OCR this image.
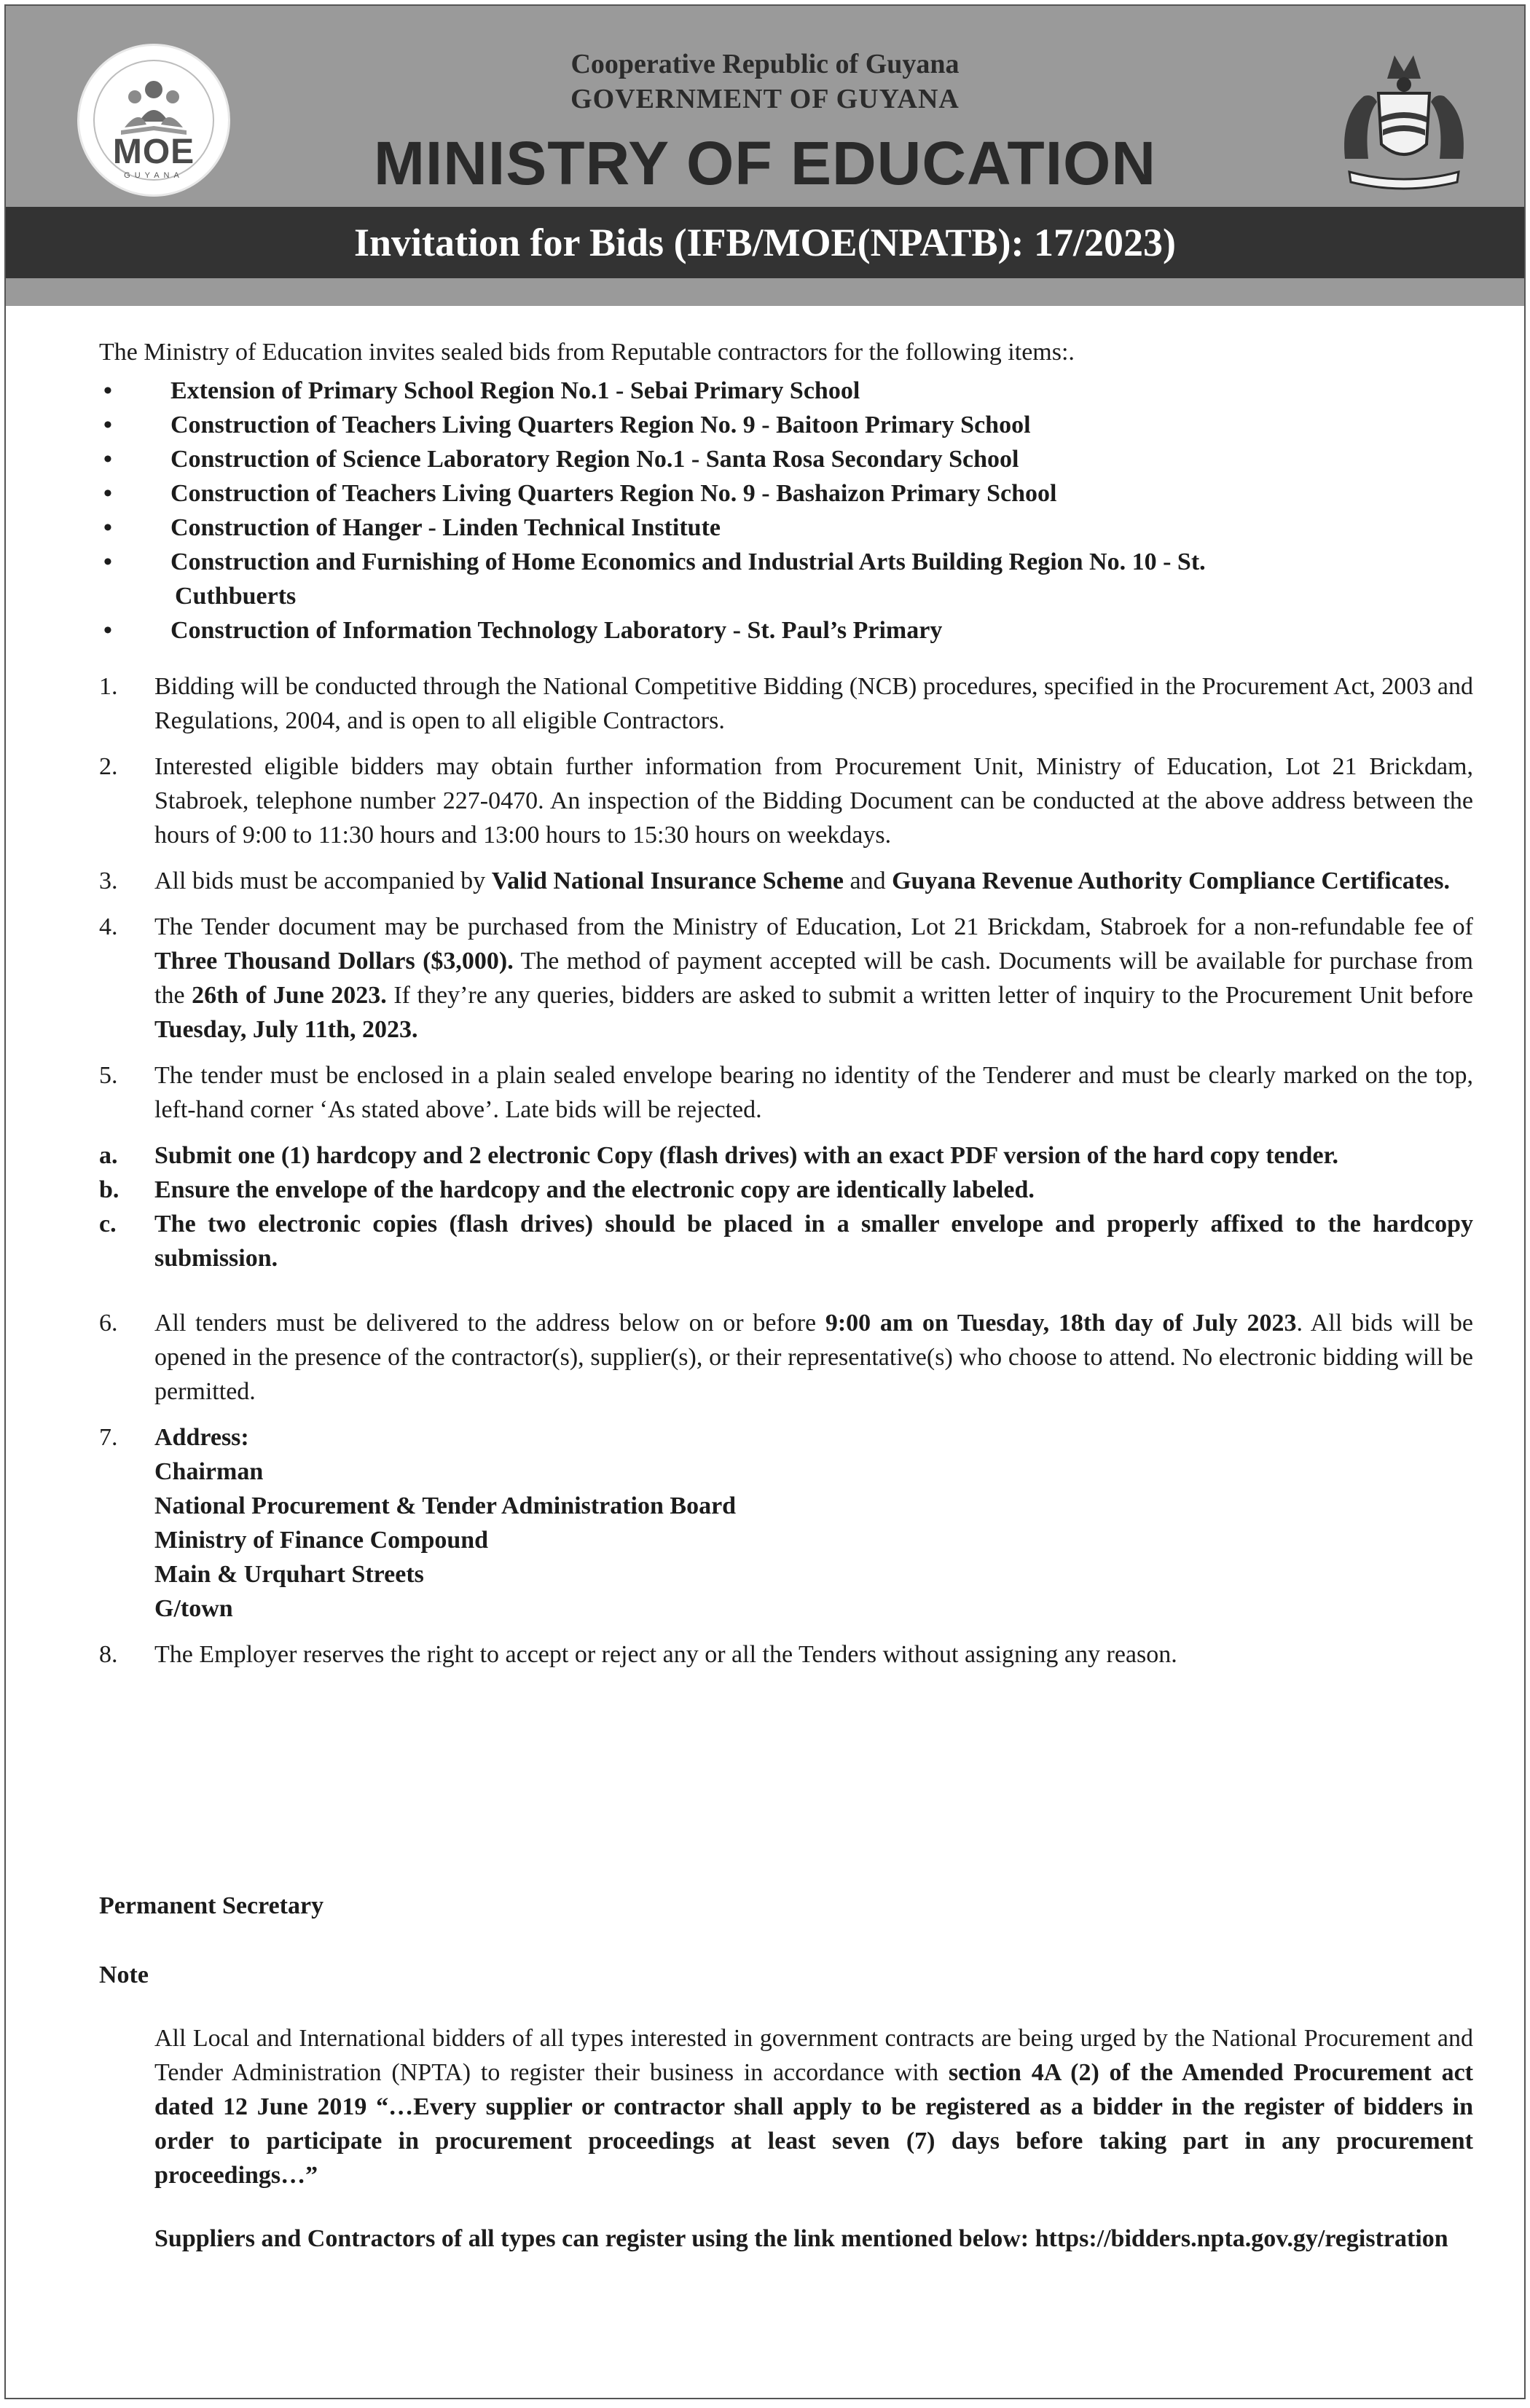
MOE
GUYANA
Cooperative Republic of Guyana
GOVERNMENT OF GUYANA
MINISTRY OF EDUCATION
Invitation for Bids (IFB/MOE(NPATB): 17/2023)

The Ministry of Education invites sealed bids from Reputable contractors for the following items:.

• Extension of Primary School Region No.1 - Sebai Primary School
• Construction of Teachers Living Quarters Region No. 9 - Baitoon Primary School
• Construction of Science Laboratory Region No.1 - Santa Rosa Secondary School
• Construction of Teachers Living Quarters Region No. 9 - Bashaizon Primary School
• Construction of Hanger - Linden Technical Institute
• Construction and Furnishing of Home Economics and Industrial Arts Building Region No. 10 - St.
Cuthbuerts
• Construction of Information Technology Laboratory - St. Paul’s Primary

1. Bidding will be conducted through the National Competitive Bidding (NCB) procedures, specified in the Procurement Act, 2003 and Regulations, 2004, and is open to all eligible Contractors.

2. Interested eligible bidders may obtain further information from Procurement Unit, Ministry of Education, Lot 21 Brickdam, Stabroek, telephone number 227-0470. An inspection of the Bidding Document can be conducted at the above address between the hours of 9:00 to 11:30 hours and 13:00 hours to 15:30 hours on weekdays.

3. All bids must be accompanied by Valid National Insurance Scheme and Guyana Revenue Authority Compliance Certificates.

4. The Tender document may be purchased from the Ministry of Education, Lot 21 Brickdam, Stabroek for a non-refundable fee of Three Thousand Dollars ($3,000). The method of payment accepted will be cash. Documents will be available for purchase from the 26th of June 2023. If they’re any queries, bidders are asked to submit a written letter of inquiry to the Procurement Unit before Tuesday, July 11th, 2023.

5. The tender must be enclosed in a plain sealed envelope bearing no identity of the Tenderer and must be clearly marked on the top, left-hand corner ‘As stated above’. Late bids will be rejected.

a. Submit one (1) hardcopy and 2 electronic Copy (flash drives) with an exact PDF version of the hard copy tender.

b. Ensure the envelope of the hardcopy and the electronic copy are identically labeled.

c. The two electronic copies (flash drives) should be placed in a smaller envelope and properly affixed to the hardcopy submission.

6. All tenders must be delivered to the address below on or before 9:00 am on Tuesday, 18th day of July 2023. All bids will be opened in the presence of the contractor(s), supplier(s), or their representative(s) who choose to attend. No electronic bidding will be permitted.

7. Address:
Chairman
National Procurement & Tender Administration Board
Ministry of Finance Compound
Main & Urquhart Streets
G/town

8. The Employer reserves the right to accept or reject any or all the Tenders without assigning any reason.

Permanent Secretary

Note

All Local and International bidders of all types interested in government contracts are being urged by the National Procurement and Tender Administration (NPTA) to register their business in accordance with section 4A (2) of the Amended Procurement act dated 12 June 2019 “…Every supplier or contractor shall apply to be registered as a bidder in the register of bidders in order to participate in procurement proceedings at least seven (7) days before taking part in any procurement proceedings…”

Suppliers and Contractors of all types can register using the link mentioned below: https://bidders.npta.gov.gy/registration
